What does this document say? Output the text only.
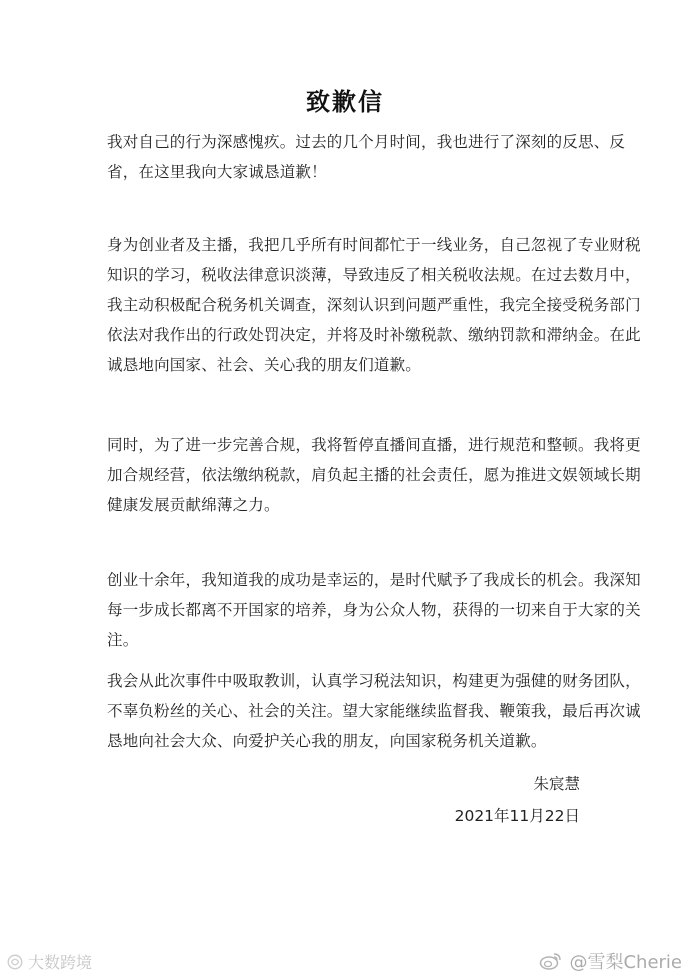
致歉信
我对自己的行为深感愧疚。过去的几个月时间，我也进行了深刻的反思、反
省，在这里我向大家诚恳道歉！
身为创业者及主播，我把几乎所有时间都忙于一线业务，自己忽视了专业财税
知识的学习，税收法律意识淡薄，导致违反了相关税收法规。在过去数月中，
我主动积极配合税务机关调查，深刻认识到问题严重性，我完全接受税务部门
依法对我作出的行政处罚决定，并将及时补缴税款、缴纳罚款和滞纳金。在此
诚恳地向国家、社会、关心我的朋友们道歉。
同时，为了进一步完善合规，我将暂停直播间直播，进行规范和整顿。我将更
加合规经营，依法缴纳税款，肩负起主播的社会责任，愿为推进文娱领域长期
健康发展贡献绵薄之力。
创业十余年，我知道我的成功是幸运的，是时代赋予了我成长的机会。我深知
每一步成长都离不开国家的培养，身为公众人物，获得的一切来自于大家的关
注。
我会从此次事件中吸取教训，认真学习税法知识，构建更为强健的财务团队，
不辜负粉丝的关心、社会的关注。望大家能继续监督我、鞭策我，最后再次诚
恳地向社会大众、向爱护关心我的朋友，向国家税务机关道歉。
朱宸慧
2021年11月22日
大数跨境	@雪梨Cherie
